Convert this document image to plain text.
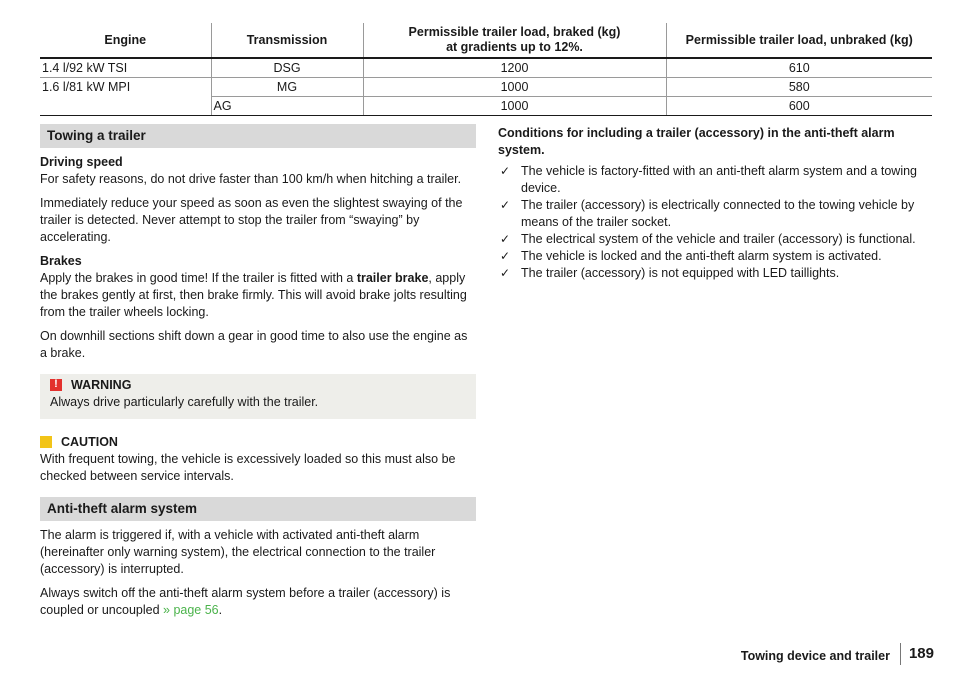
Engine	Transmission	Permissible trailer load, braked (kg)
at gradients up to 12%.	Permissible trailer load, unbraked (kg)
1.4 l/92 kW TSI	DSG	1200	610
1.6 l/81 kW MPI	MG	1000	580
	AG	1000	600
Towing a trailer

Driving speed
For safety reasons, do not drive faster than 100 km/h when hitching a trailer.

Immediately reduce your speed as soon as even the slightest swaying of the trailer is detected. Never attempt to stop the trailer from “swaying” by accelerating.

Brakes
Apply the brakes in good time! If the trailer is fitted with a trailer brake, apply the brakes gently at first, then brake firmly. This will avoid brake jolts resulting from the trailer wheels locking.

On downhill sections shift down a gear in good time to also use the engine as a brake.

!
WARNING
Always drive particularly carefully with the trailer.
CAUTION
With frequent towing, the vehicle is excessively loaded so this must also be checked between service intervals.
Anti-theft alarm system

The alarm is triggered if, with a vehicle with activated anti-theft alarm (hereinafter only warning system), the electrical connection to the trailer (accessory) is interrupted.

Always switch off the anti-theft alarm system before a trailer (accessory) is coupled or uncoupled » page 56.

Conditions for including a trailer (accessory) in the anti-theft alarm system.
✓ The vehicle is factory-fitted with an anti-theft alarm system and a towing device.
✓ The trailer (accessory) is electrically connected to the towing vehicle by means of the trailer socket.
✓ The electrical system of the vehicle and trailer (accessory) is functional.
✓ The vehicle is locked and the anti-theft alarm system is activated.
✓ The trailer (accessory) is not equipped with LED taillights.
Towing device and trailer 189
